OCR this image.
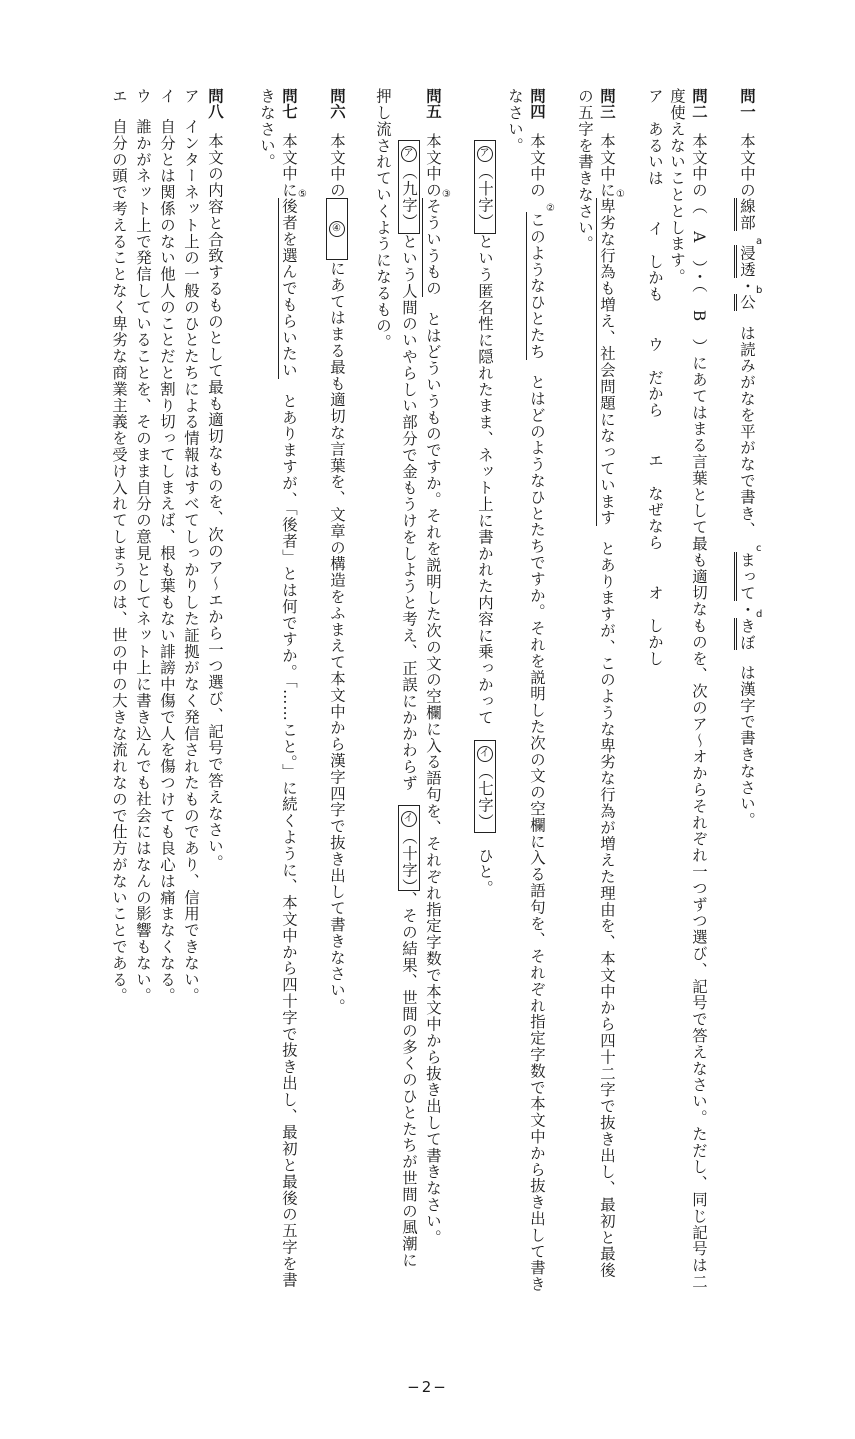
問一本文中の線部
a
浸透・ b
公は読みがなを平がなで書き、
c
まって・ d
きぼは漢字で書きなさい。
問二本文中の（　A　）・（　B　）にあてはまる言葉として最も適切なものを、次のア～オからそれぞれ一つずつ選び、記号で答えなさい。ただし、同じ記号は二
度使えないこととします。
ア　あるいはイ　しかもウ　だからエ　なぜならオ　しかし
問三本文中に ①
卑劣な行為も増え、社会問題になっていますとありますが、このような卑劣な行為が増えた理由を、本文中から四十二字で抜き出し、最初と最後
の五字を書きなさい。
問四本文中の
②
このようなひとたちとはどのようなひとたちですか。それを説明した次の文の空欄に入る語句を、それぞれ指定字数で本文中から抜き出して書き
なさい。
ア（十字）という匿名性に隠れたまま、ネット上に書かれた内容に乗っかってイ（七字）ひと。
問五本文中の ③
そういうものとはどういうものですか。それを説明した次の文の空欄に入る語句を、それぞれ指定字数で本文中から抜き出して書きなさい。
ア（九字）という人間のいやらしい部分で金もうけをしようと考え、正誤にかかわらずイ（十字）、その結果、世間の多くのひとたちが世間の風潮に
押し流されていくようになるもの。
問六本文中の④にあてはまる最も適切な言葉を、文章の構造をふまえて本文中から漢字四字で抜き出して書きなさい。
問七本文中に ⑤
後者を選んでもらいたいとありますが、「後者」とは何ですか。「……こと。」に続くように、本文中から四十字で抜き出し、最初と最後の五字を書
きなさい。
問八本文の内容と合致するものとして最も適切なものを、次のア～エから一つ選び、記号で答えなさい。
アインターネット上の一般のひとたちによる情報はすべてしっかりした証拠がなく発信されたものであり、信用できない。
イ自分とは関係のない他人のことだと割り切ってしまえば、根も葉もない誹謗中傷で人を傷つけても良心は痛まなくなる。
ウ誰かがネット上で発信していることを、そのまま自分の意見としてネット上に書き込んでも社会にはなんの影響もない。
エ自分の頭で考えることなく卑劣な商業主義を受け入れてしまうのは、世の中の大きな流れなので仕方がないことである。
−2−
